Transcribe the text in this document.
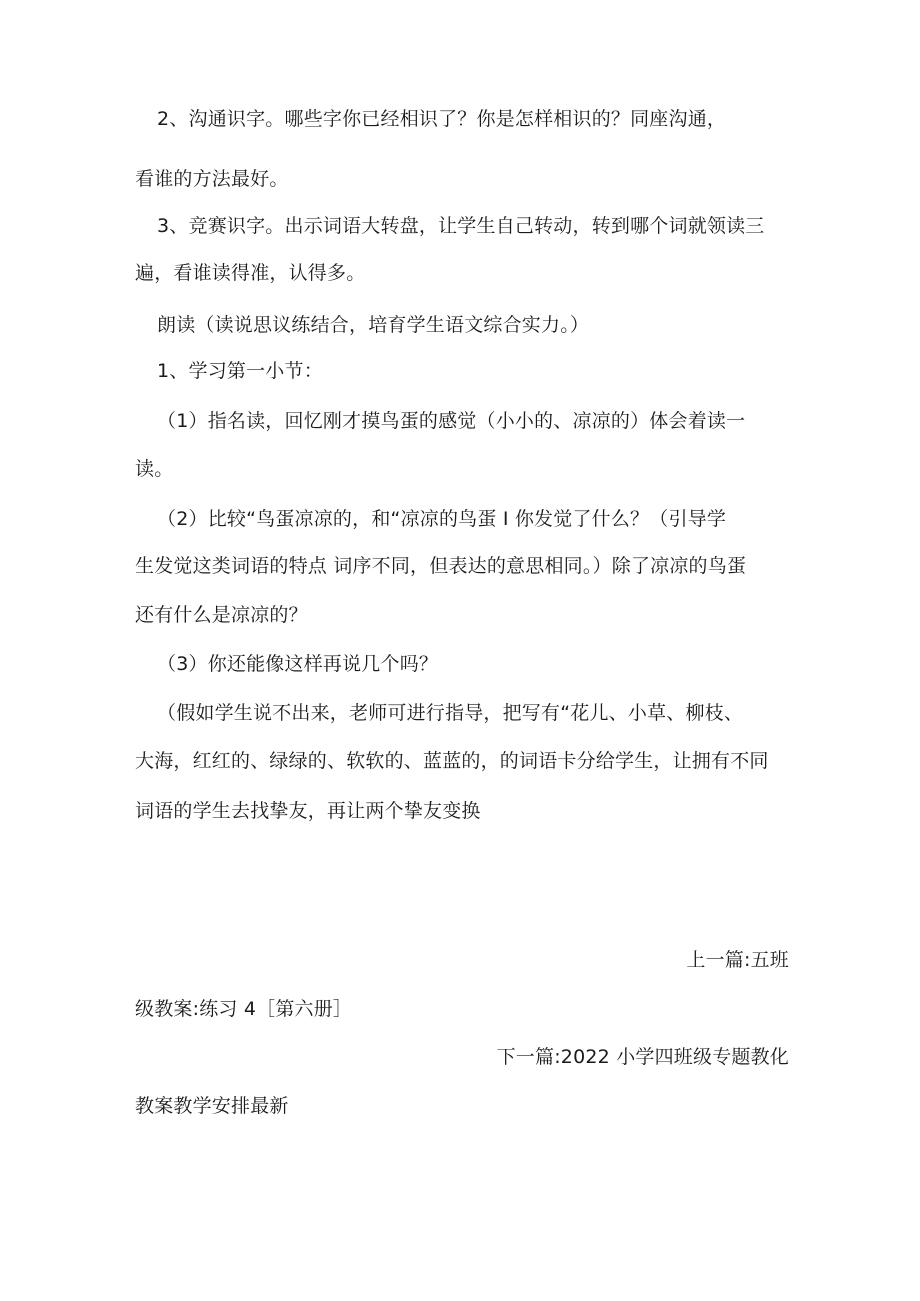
2、沟通识字。哪些字你已经相识了？你是怎样相识的？同座沟通，
看谁的方法最好。
3、竞赛识字。出示词语大转盘，让学生自己转动，转到哪个词就领读三
遍，看谁读得准，认得多。
朗读（读说思议练结合，培育学生语文综合实力。）
1、学习第一小节：
（1）指名读，回忆刚才摸鸟蛋的感觉（小小的、凉凉的）体会着读一
读。
（2）比较“鸟蛋凉凉的，和“凉凉的鸟蛋 I 你发觉了什么？（引导学
生发觉这类词语的特点 词序不同，但表达的意思相同。）除了凉凉的鸟蛋
还有什么是凉凉的？
（3）你还能像这样再说几个吗？
（假如学生说不出来，老师可进行指导，把写有“花儿、小草、柳枝、
大海，红红的、绿绿的、软软的、蓝蓝的，的词语卡分给学生，让拥有不同
词语的学生去找挚友，再让两个挚友变换
上一篇:五班
级教案:练习 4［第六册］
下一篇:2022 小学四班级专题教化
教案教学安排最新
